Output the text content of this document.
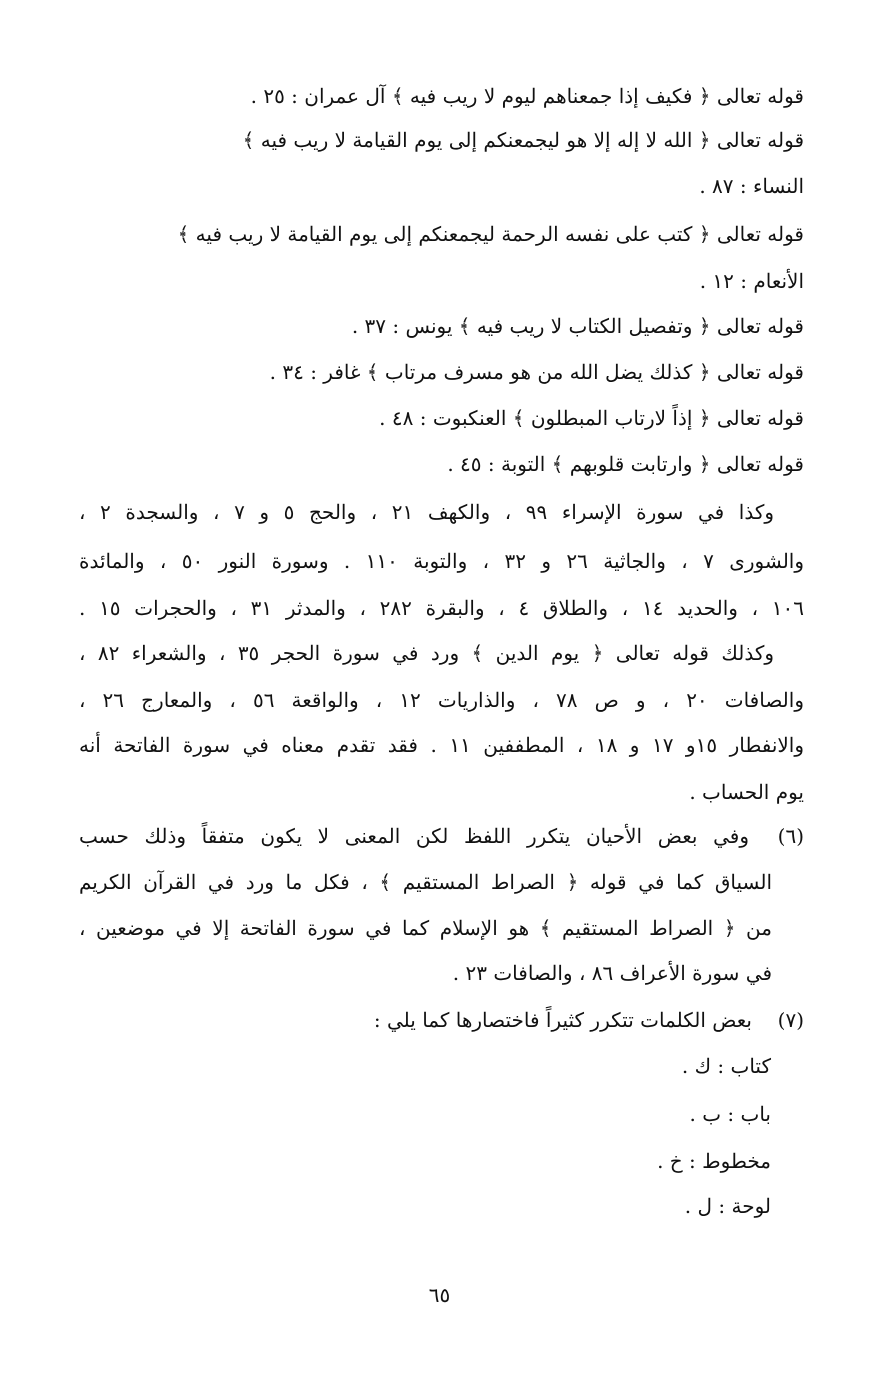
قوله تعالى ﴿ فكيف إذا جمعناهم ليوم لا ريب فيه ﴾ آل عمران : ٢٥ .
قوله تعالى ﴿ الله لا إله إلا هو ليجمعنكم إلى يوم القيامة لا ريب فيه ﴾
النساء : ٨٧ .
قوله تعالى ﴿ كتب على نفسه الرحمة ليجمعنكم إلى يوم القيامة لا ريب فيه ﴾
الأنعام : ١٢ .
قوله تعالى ﴿ وتفصيل الكتاب لا ريب فيه ﴾ يونس : ٣٧ .
قوله تعالى ﴿ كذلك يضل الله من هو مسرف مرتاب ﴾ غافر : ٣٤ .
قوله تعالى ﴿ إذاً لارتاب المبطلون ﴾ العنكبوت : ٤٨ .
قوله تعالى ﴿ وارتابت قلوبهم ﴾ التوبة : ٤٥ .
وكذا في سورة الإسراء ٩٩ ، والكهف ٢١ ، والحج ٥ و ٧ ، والسجدة ٢ ،
والشورى ٧ ، والجاثية ٢٦ و ٣٢ ، والتوبة ١١٠ . وسورة النور ٥٠ ، والمائدة
١٠٦ ، والحديد ١٤ ، والطلاق ٤ ، والبقرة ٢٨٢ ، والمدثر ٣١ ، والحجرات ١٥ .
وكذلك قوله تعالى ﴿ يوم الدين ﴾ ورد في سورة الحجر ٣٥ ، والشعراء ٨٢ ،
والصافات ٢٠ ، و ص ٧٨ ، والذاريات ١٢ ، والواقعة ٥٦ ، والمعارج ٢٦ ،
والانفطار ١٥و ١٧ و ١٨ ، المطففين ١١ . فقد تقدم معناه في سورة الفاتحة أنه
يوم الحساب .
(٦)
وفي بعض الأحيان يتكرر اللفظ لكن المعنى لا يكون متفقاً وذلك حسب
السياق كما في قوله ﴿ الصراط المستقيم ﴾ ، فكل ما ورد في القرآن الكريم
من ﴿ الصراط المستقيم ﴾ هو الإسلام كما في سورة الفاتحة إلا في موضعين ،
في سورة الأعراف ٨٦ ، والصافات ٢٣ .
(٧)
بعض الكلمات تتكرر كثيراً فاختصارها كما يلي :
كتاب : ك .
باب : ب .
مخطوط : خ .
لوحة : ل .
٦٥
